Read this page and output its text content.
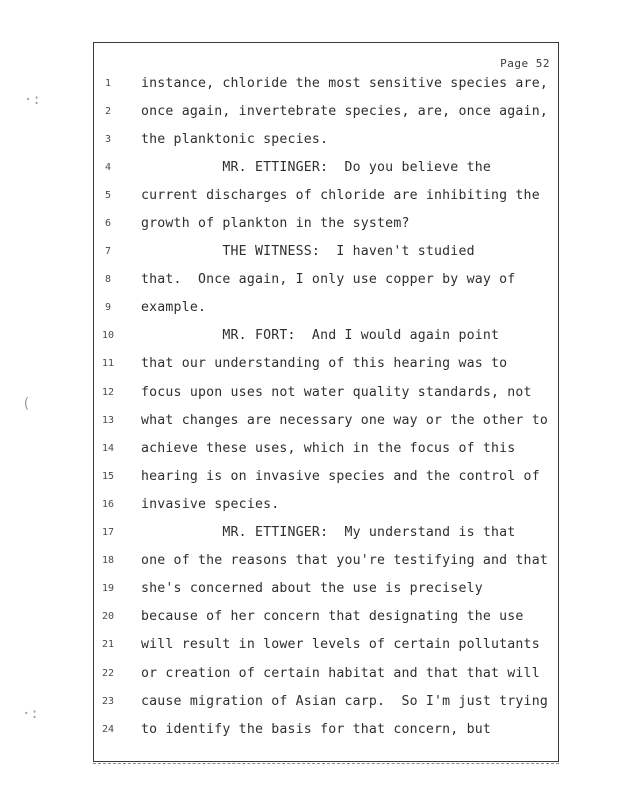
·:
(
·:
Page 52
1	instance, chloride the most sensitive species are,
2	once again, invertebrate species, are, once again,
3	the planktonic species.
4	MR. ETTINGER:  Do you believe the
5	current discharges of chloride are inhibiting the
6	growth of plankton in the system?
7	THE WITNESS:  I haven't studied
8	that.  Once again, I only use copper by way of
9	example.
10	MR. FORT:  And I would again point
11	that our understanding of this hearing was to
12	focus upon uses not water quality standards, not
13	what changes are necessary one way or the other to
14	achieve these uses, which in the focus of this
15	hearing is on invasive species and the control of
16	invasive species.
17	MR. ETTINGER:  My understand is that
18	one of the reasons that you're testifying and that
19	she's concerned about the use is precisely
20	because of her concern that designating the use
21	will result in lower levels of certain pollutants
22	or creation of certain habitat and that that will
23	cause migration of Asian carp.  So I'm just trying
24	to identify the basis for that concern, but
